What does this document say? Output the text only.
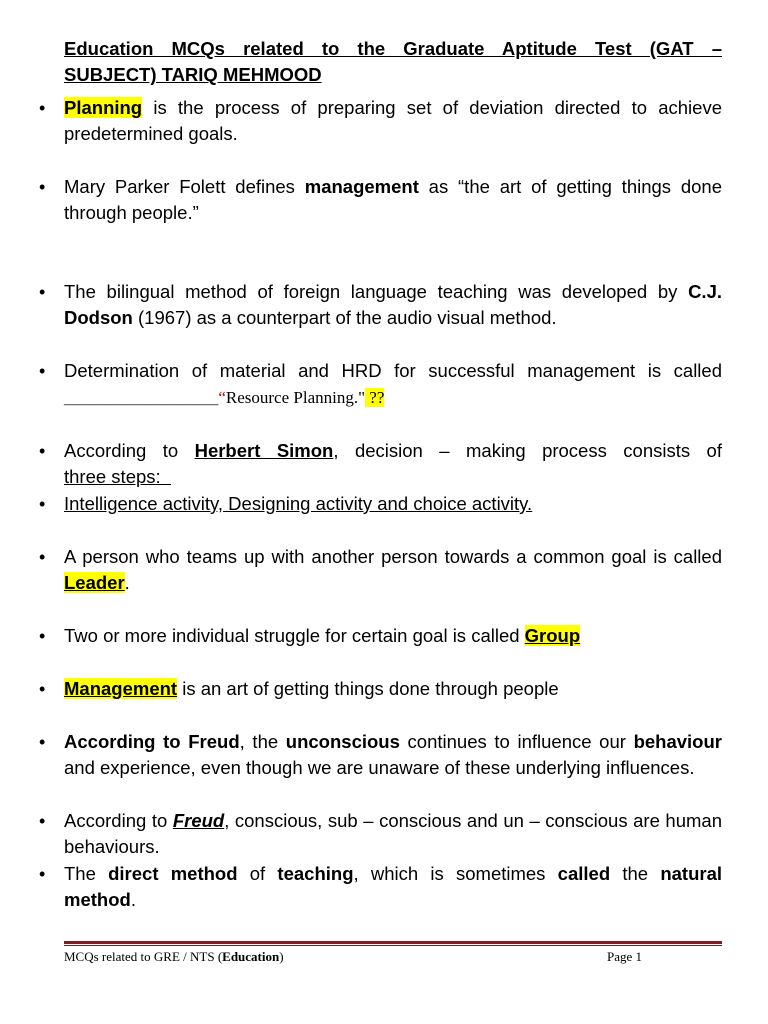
Education MCQs related to the Graduate Aptitude Test (GAT –
SUBJECT) TARIQ MEHMOOD
• Planning is the process of preparing set of deviation directed to achieve predetermined goals.
• Mary Parker Folett defines management as “the art of getting things done through people.”
• The bilingual method of foreign language teaching was developed by C.J. Dodson (1967) as a counterpart of the audio visual method.
• Determination of material and HRD for successful management is called _______________“Resource Planning." ??
• According to Herbert Simon, decision – making process consists of three steps:
• Intelligence activity, Designing activity and choice activity.
• A person who teams up with another person towards a common goal is called Leader.
• Two or more individual struggle for certain goal is called Group
• Management is an art of getting things done through people
• According to Freud, the unconscious continues to influence our behaviour and experience, even though we are unaware of these underlying influences.
• According to Freud, conscious, sub – conscious and un – conscious are human behaviours.
• The direct method of teaching, which is sometimes called the natural method.
MCQs related to GRE / NTS (Education)	Page 1
